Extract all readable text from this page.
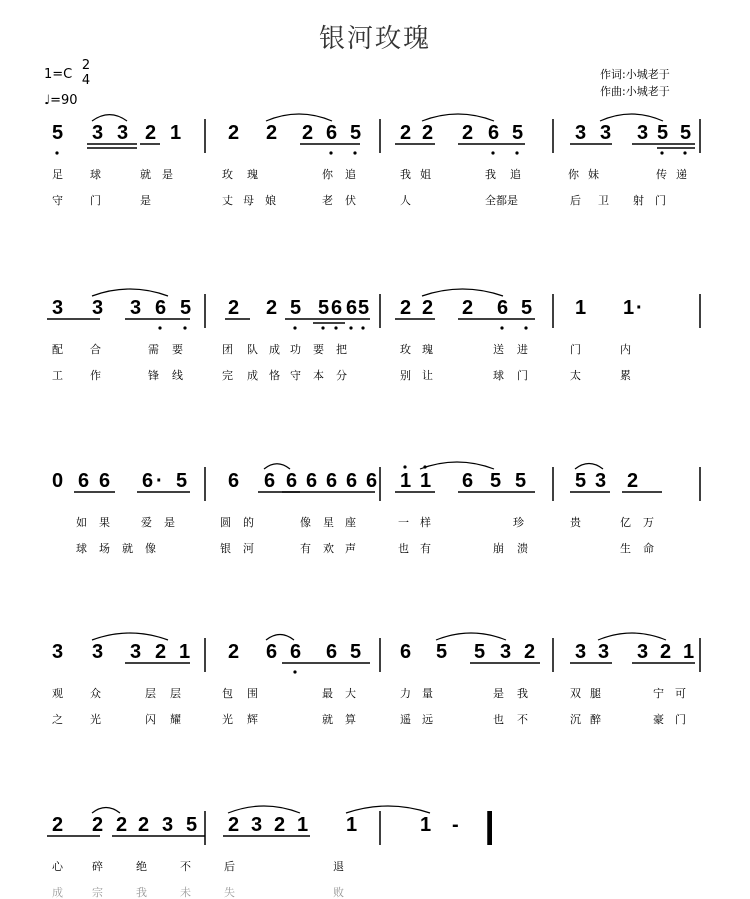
银河玫瑰
1=C
2
4
♩=90
作词:小城老于
作曲:小城老于
5 3 3 2 1 2 2 2 6 5 2 2 2 6 5	3 3 3 5 5
足 球	就 是	玫 瑰	你 追	我 姐	我 追	你 妹	传 递
守 门	是	丈 母 娘	老 伏	人	全都是	后 卫 射 门
3 3 3 6 5 2 2 5 5 6 6 5 2 2 2 6 5 1 1 ·
配 合	需 要	团 队 成 功 要 把	玫 瑰	送 进	门	内
工 作	锋 线	完 成 恪 守 本 分	别 让	球 门	太	累
0 6 6 6 · 5 6 6 6 6 6 6 6 1 1 6 5 5 5 3 2
如 果	爱 是	圆 的	像 星 座	一 样	珍	贵	亿 万
球 场 就 像	银 河	有 欢 声	也 有	崩 溃	生 命
3 3 3 2 1 2 6 6 6 5 6 5 5 3 2 3 3 3 2 1
观 众	层 层	包 围	最 大	力 量	是 我	双 腿	宁 可
之 光	闪 耀	光 辉	就 算	遥 远	也 不	沉 醉	豪 门
2 2 2 2 3 5 2 3 2 1 1	1 -
心	碎	绝	不	后	退
成	宗	我	未	失	败
